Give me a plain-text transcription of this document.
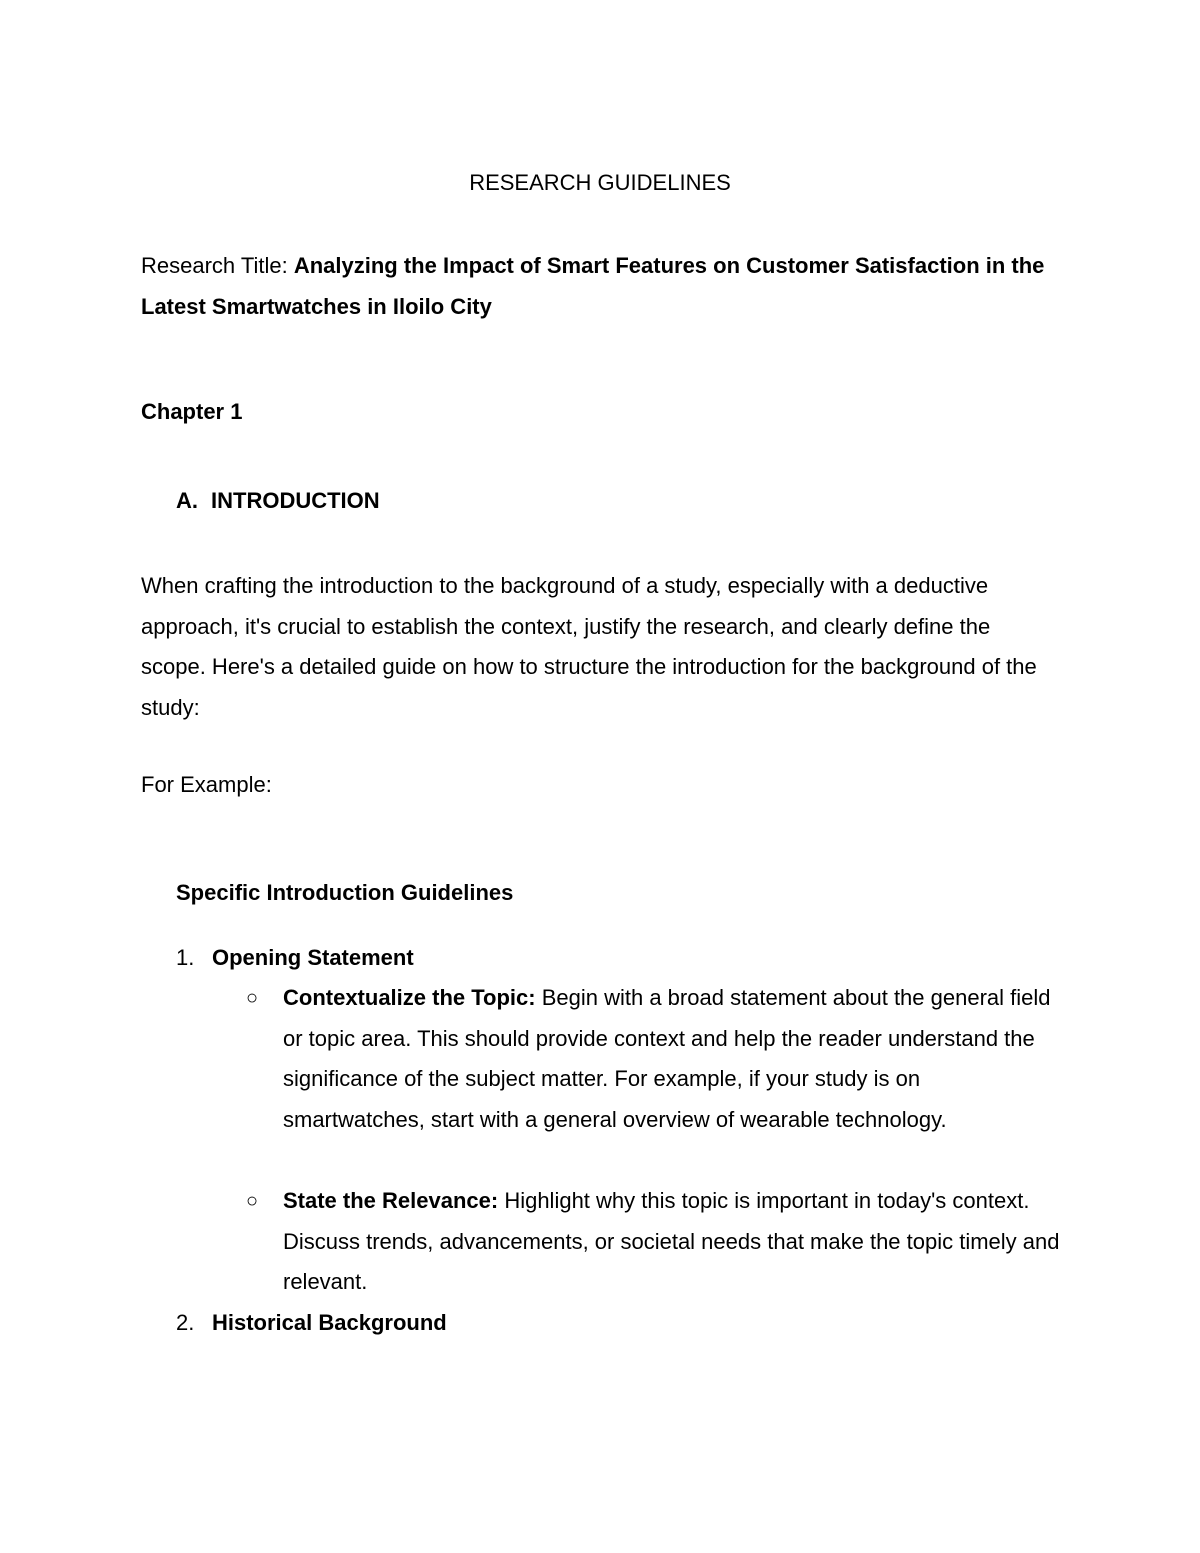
RESEARCH GUIDELINES
Research Title: Analyzing the Impact of Smart Features on Customer Satisfaction in the Latest Smartwatches in Iloilo City
Chapter 1
A. INTRODUCTION
When crafting the introduction to the background of a study, especially with a deductive approach, it's crucial to establish the context, justify the research, and clearly define the scope. Here's a detailed guide on how to structure the introduction for the background of the study:
For Example:
Specific Introduction Guidelines
1. Opening Statement
○ Contextualize the Topic: Begin with a broad statement about the general field or topic area. This should provide context and help the reader understand the significance of the subject matter. For example, if your study is on smartwatches, start with a general overview of wearable technology.
○ State the Relevance: Highlight why this topic is important in today's context. Discuss trends, advancements, or societal needs that make the topic timely and relevant.
2. Historical Background
